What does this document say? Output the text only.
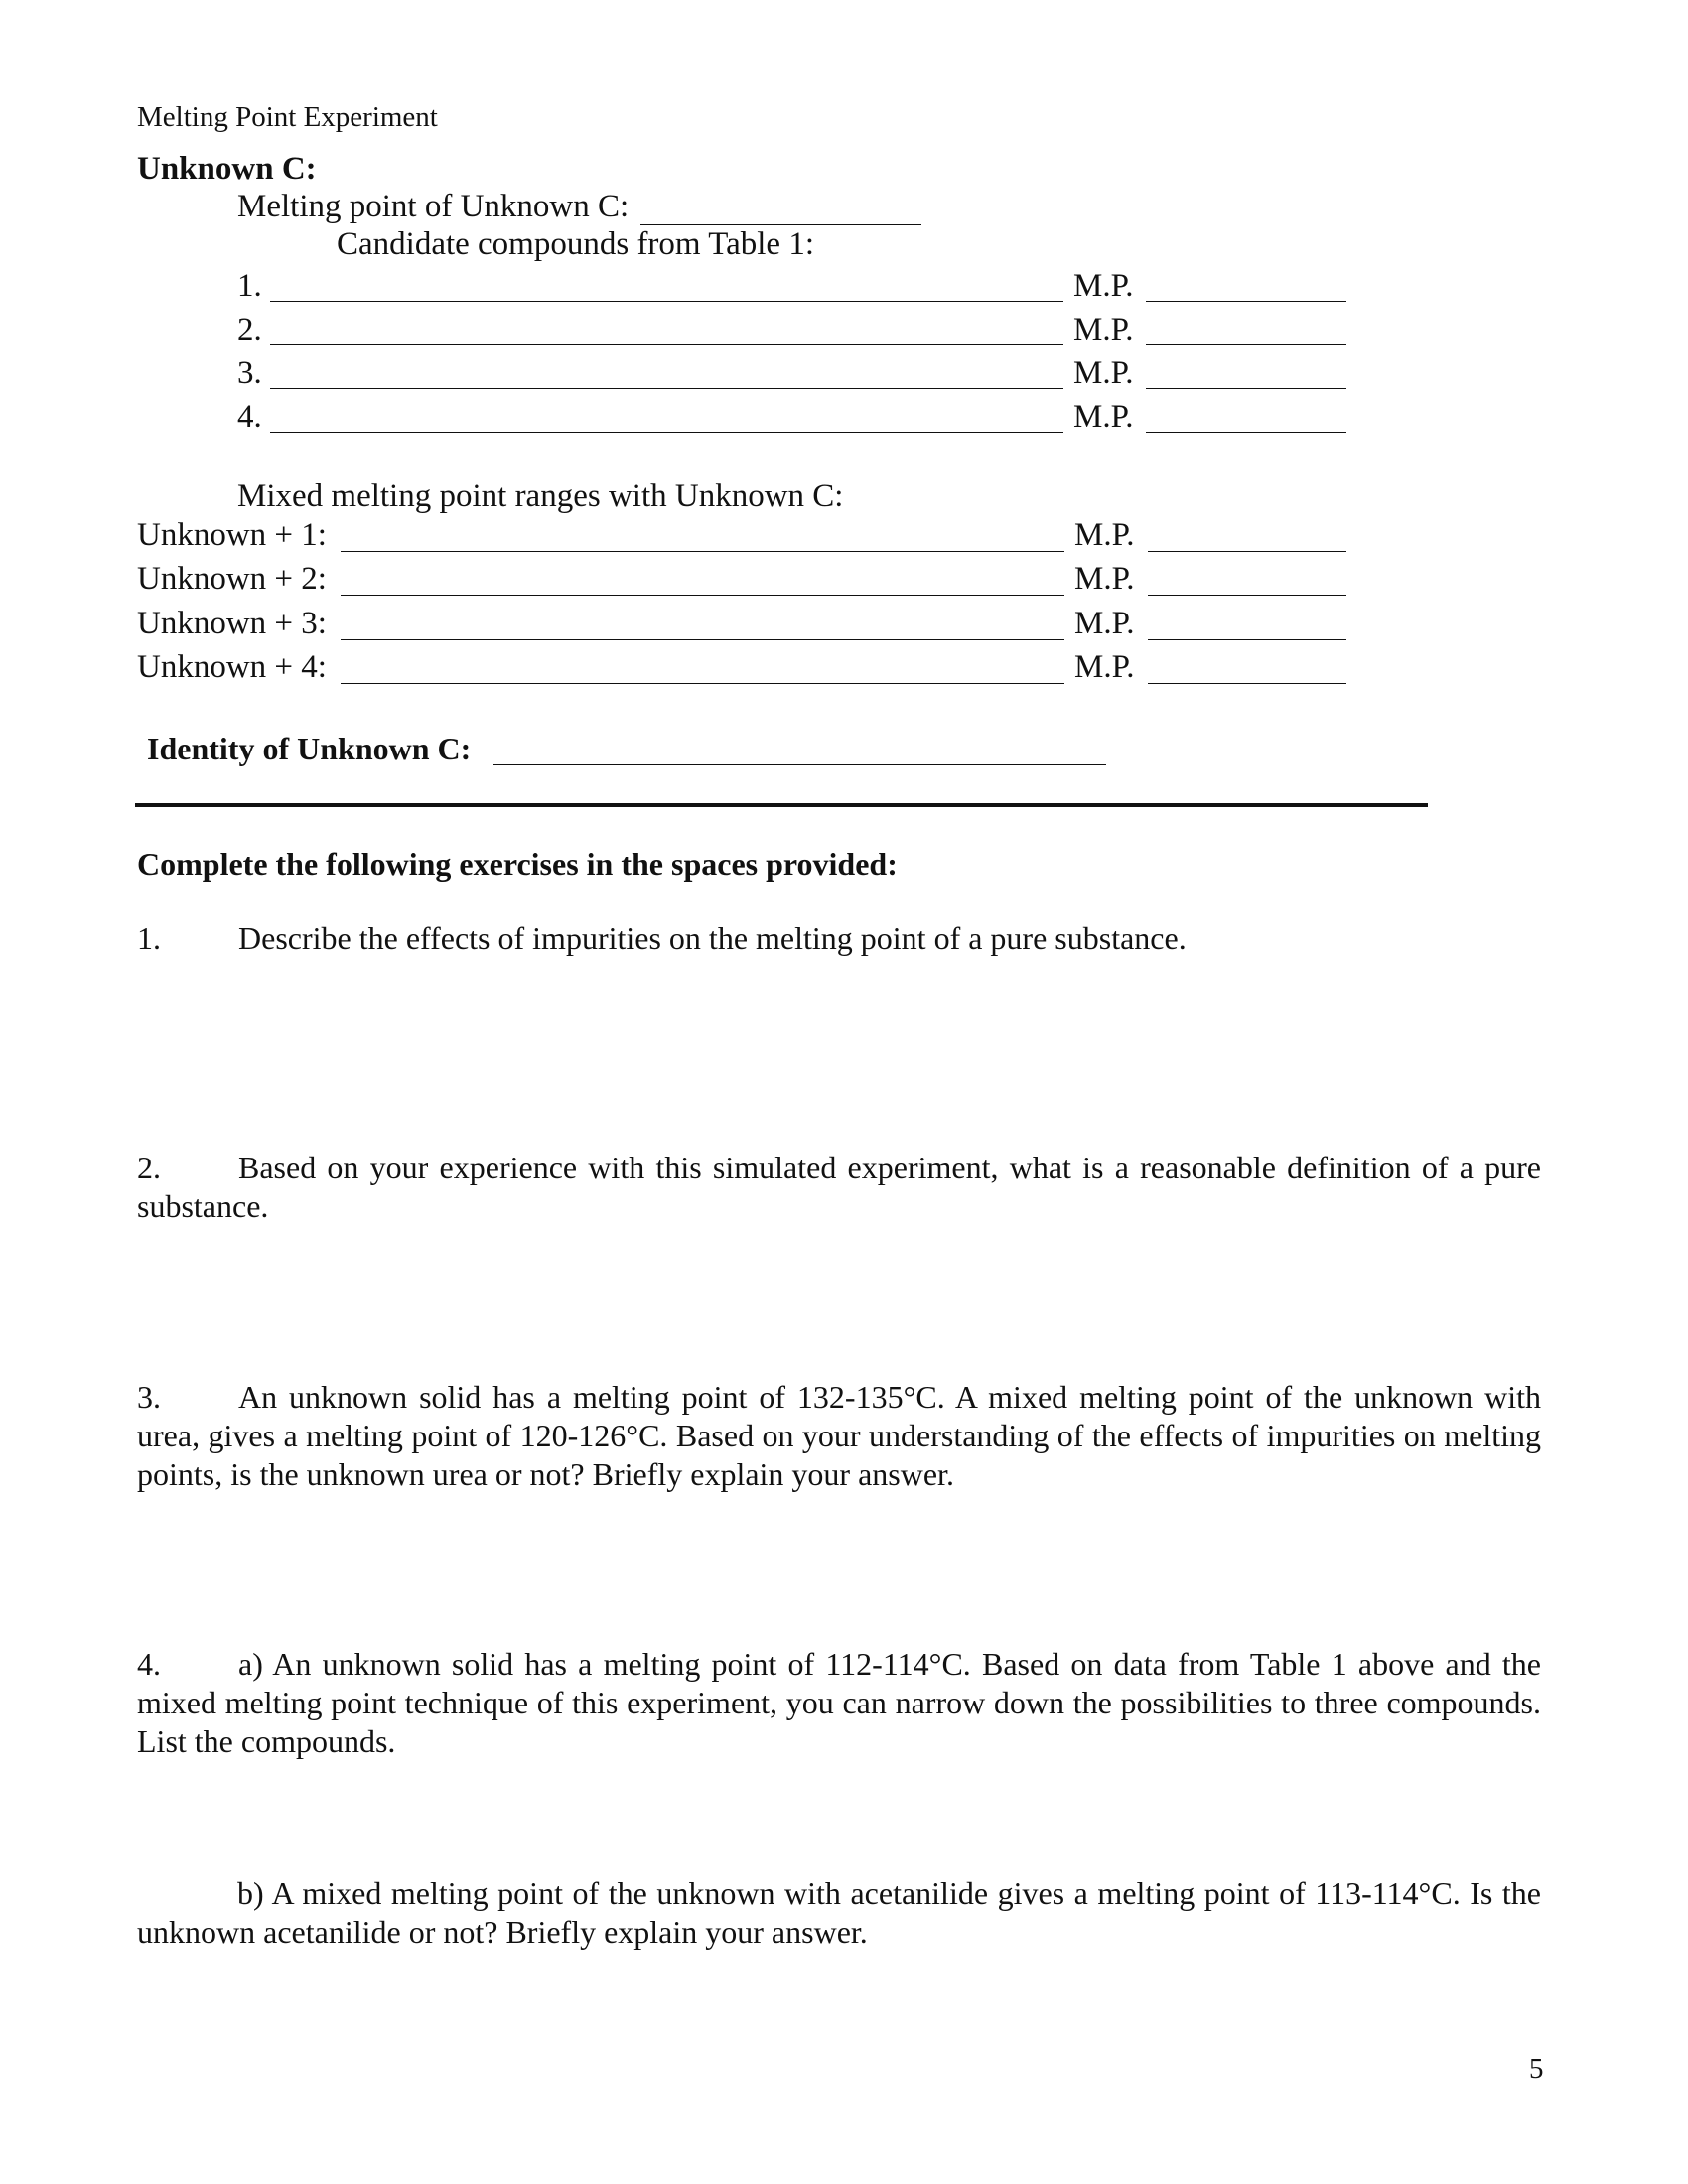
Melting Point Experiment
Unknown C:
Melting point of Unknown C:
Candidate compounds from Table 1:
1.	M.P.
2.	M.P.
3.	M.P.
4.	M.P.
Mixed melting point ranges with Unknown C:
Unknown + 1:	M.P.
Unknown + 2:	M.P.
Unknown + 3:	M.P.
Unknown + 4:	M.P.
Identity of Unknown C:
Complete the following exercises in the spaces provided:
1. Describe the effects of impurities on the melting point of a pure substance.
2. Based on your experience with this simulated experiment, what is a reasonable definition of a pure substance.
3. An unknown solid has a melting point of 132-135°C. A mixed melting point of the unknown with urea, gives a melting point of 120-126°C. Based on your understanding of the effects of impurities on melting points, is the unknown urea or not? Briefly explain your answer.
4. a) An unknown solid has a melting point of 112-114°C. Based on data from Table 1 above and the mixed melting point technique of this experiment, you can narrow down the possibilities to three compounds. List the compounds.
b) A mixed melting point of the unknown with acetanilide gives a melting point of 113-114°C. Is the unknown acetanilide or not? Briefly explain your answer.
5
